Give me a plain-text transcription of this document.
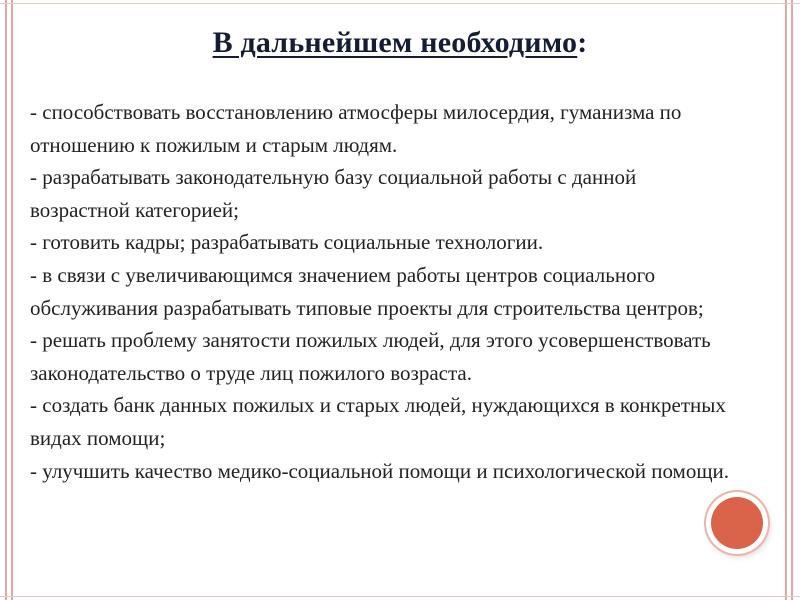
В дальнейшем необходимо:

- способствовать восстановлению атмосферы милосердия, гуманизма по отношению к пожилым и старым людям.

- разрабатывать законодательную базу социальной работы с данной возрастной категорией;

- готовить кадры; разрабатывать социальные технологии.

- в связи с увеличивающимся значением работы центров социального обслуживания разрабатывать типовые проекты для строительства центров;

- решать проблему занятости пожилых людей, для этого усовершенствовать законодательство о труде лиц пожилого возраста.

- создать банк данных пожилых и старых людей, нуждающихся в конкретных видах помощи;

- улучшить качество медико-социальной помощи и психологической помощи.
